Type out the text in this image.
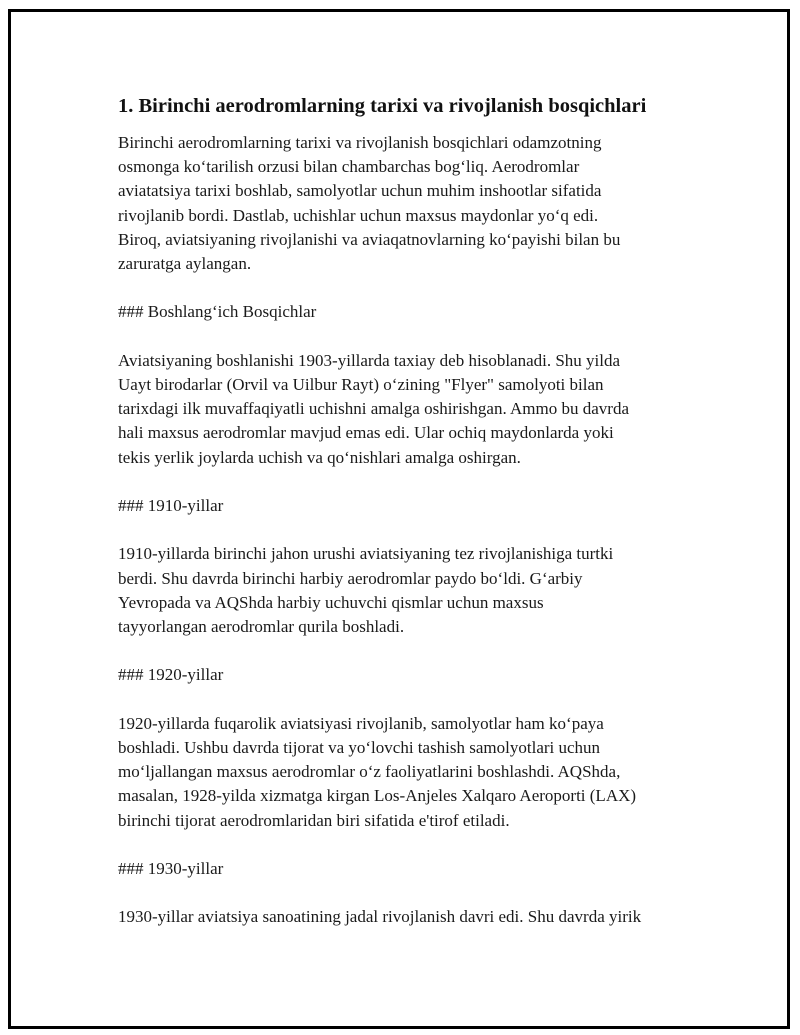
1. Birinchi aerodromlarning tarixi va rivojlanish bosqichlari

Birinchi aerodromlarning tarixi va rivojlanish bosqichlari odamzotning
osmonga koʻtarilish orzusi bilan chambarchas bogʻliq. Aerodromlar
aviatatsiya tarixi boshlab, samolyotlar uchun muhim inshootlar sifatida
rivojlanib bordi. Dastlab, uchishlar uchun maxsus maydonlar yoʻq edi.
Biroq, aviatsiyaning rivojlanishi va aviaqatnovlarning koʻpayishi bilan bu
zaruratga aylangan.

### Boshlangʻich Bosqichlar

Aviatsiyaning boshlanishi 1903-yillarda taxiay deb hisoblanadi. Shu yilda
Uayt birodarlar (Orvil va Uilbur Rayt) oʻzining "Flyer" samolyoti bilan
tarixdagi ilk muvaffaqiyatli uchishni amalga oshirishgan. Ammo bu davrda
hali maxsus aerodromlar mavjud emas edi. Ular ochiq maydonlarda yoki
tekis yerlik joylarda uchish va qoʻnishlari amalga oshirgan.

### 1910-yillar

1910-yillarda birinchi jahon urushi aviatsiyaning tez rivojlanishiga turtki
berdi. Shu davrda birinchi harbiy aerodromlar paydo boʻldi. Gʻarbiy
Yevropada va AQShda harbiy uchuvchi qismlar uchun maxsus
tayyorlangan aerodromlar qurila boshladi.

### 1920-yillar

1920-yillarda fuqarolik aviatsiyasi rivojlanib, samolyotlar ham koʻpaya
boshladi. Ushbu davrda tijorat va yoʻlovchi tashish samolyotlari uchun
moʻljallangan maxsus aerodromlar oʻz faoliyatlarini boshlashdi. AQShda,
masalan, 1928-yilda xizmatga kirgan Los-Anjeles Xalqaro Aeroporti (LAX)
birinchi tijorat aerodromlaridan biri sifatida e'tirof etiladi.

### 1930-yillar

1930-yillar aviatsiya sanoatining jadal rivojlanish davri edi. Shu davrda yirik
